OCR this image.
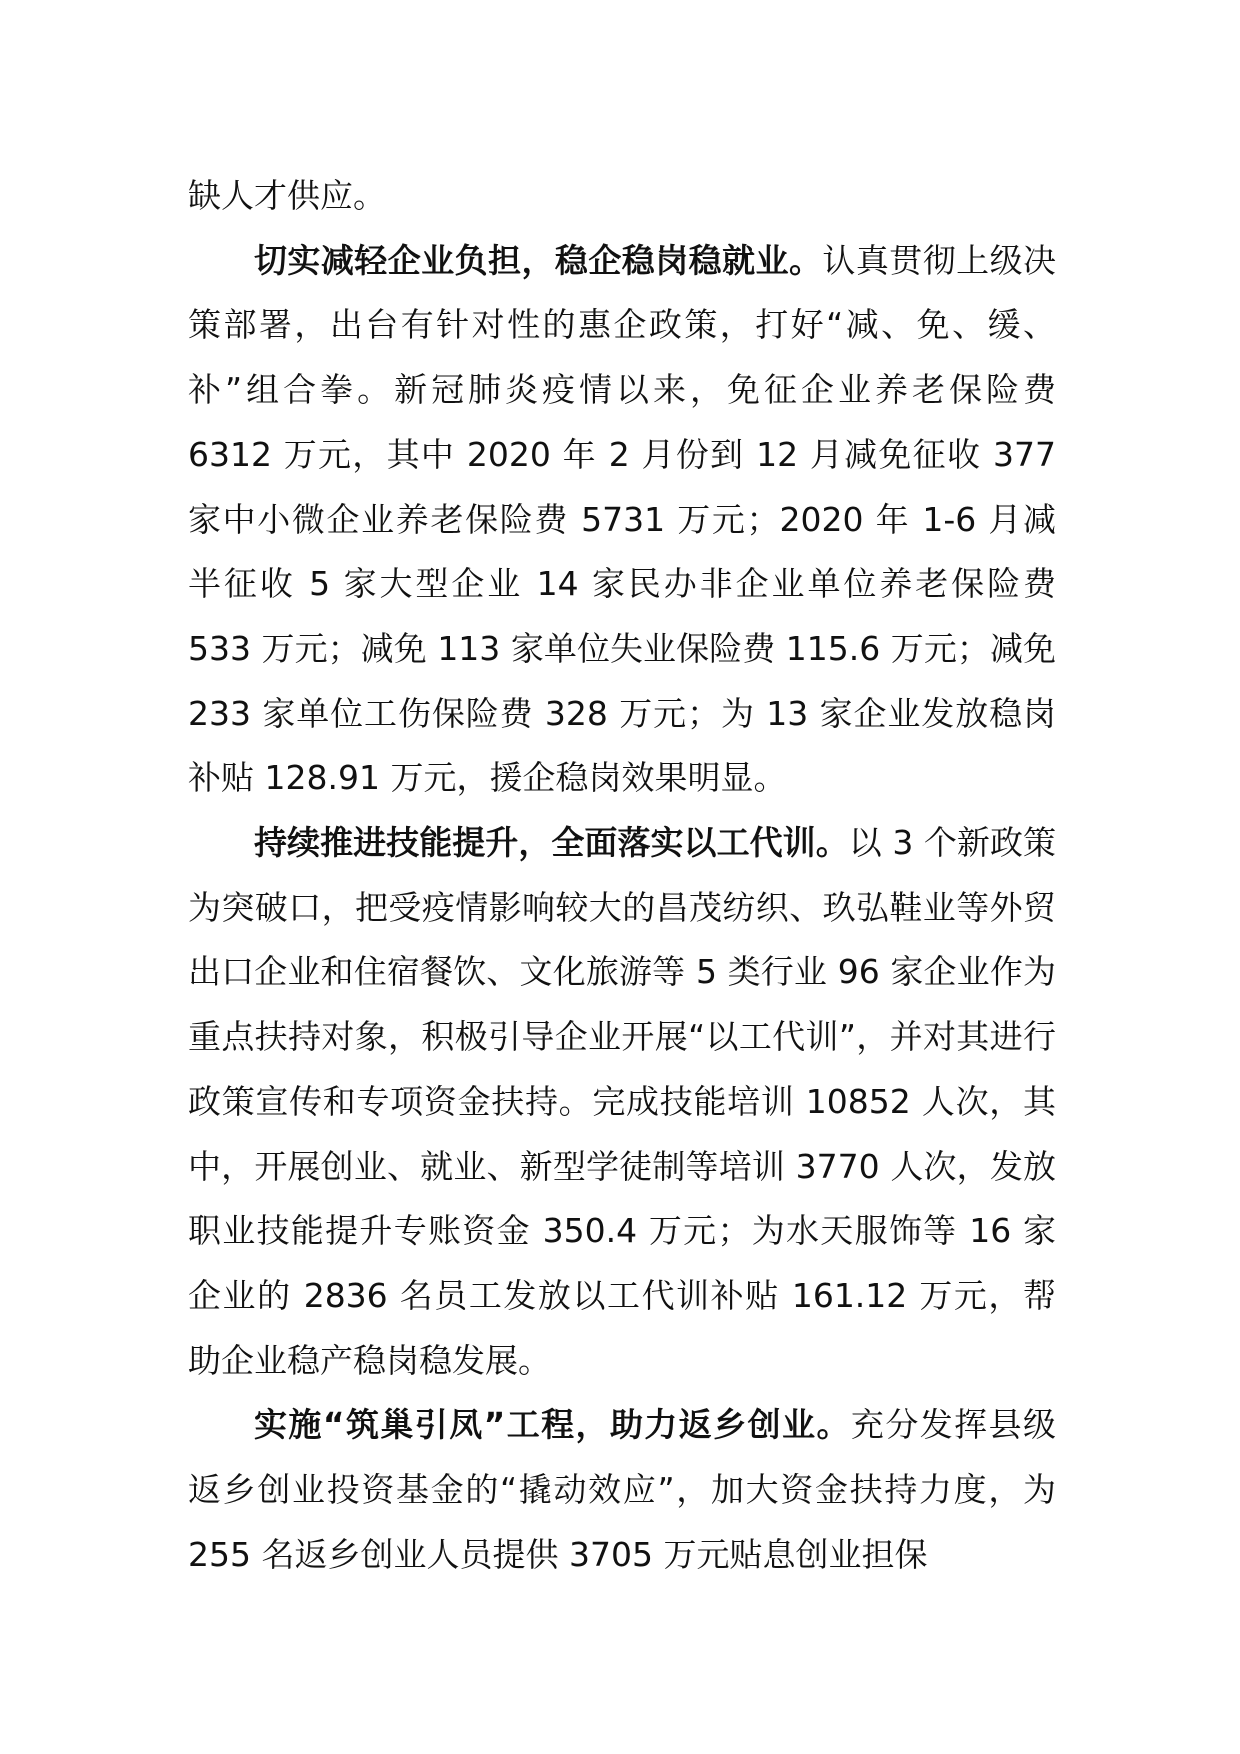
缺人才供应。

切实减轻企业负担，稳企稳岗稳就业。认真贯彻上级决策部署，出台有针对性的惠企政策，打好“减、免、缓、补”组合拳。新冠肺炎疫情以来，免征企业养老保险费 6312 万元，其中 2020 年 2 月份到 12 月减免征收 377 家中小微企业养老保险费 5731 万元；2020 年 1-6 月减半征收 5 家大型企业 14 家民办非企业单位养老保险费 533 万元；减免 113 家单位失业保险费 115.6 万元；减免 233 家单位工伤保险费 328 万元；为 13 家企业发放稳岗补贴 128.91 万元，援企稳岗效果明显。

持续推进技能提升，全面落实以工代训。以 3 个新政策为突破口，把受疫情影响较大的昌茂纺织、玖弘鞋业等外贸出口企业和住宿餐饮、文化旅游等 5 类行业 96 家企业作为重点扶持对象，积极引导企业开展“以工代训”，并对其进行政策宣传和专项资金扶持。完成技能培训 10852 人次，其中，开展创业、就业、新型学徒制等培训 3770 人次，发放职业技能提升专账资金 350.4 万元；为水天服饰等 16 家企业的 2836 名员工发放以工代训补贴 161.12 万元，帮助企业稳产稳岗稳发展。

实施“筑巢引凤”工程，助力返乡创业。充分发挥县级返乡创业投资基金的“撬动效应”，加大资金扶持力度，为 255 名返乡创业人员提供 3705 万元贴息创业担保
